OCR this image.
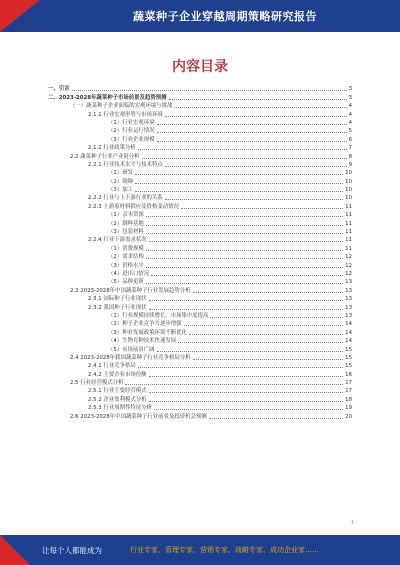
蔬菜种子企业穿越周期策略研究报告
内容目录
一、引言	3
二、2023-2028年蔬菜种子市场前景及趋势预测	3
（一）蔬菜种子企业面临的宏观环境与挑战	4
2.1.1 行业宏观形势与市场环境	4
（1）行业宏观环境	4
（2）行业运行情况	5
（3）行业企业规模	6
2.1.2 行业政策分析	7
2.2 蔬菜种子行业产业链分析	8
2.2.1 行业技术水平与技术特点	9
（1）研发	10
（2）制种	10
（3）加工	10
2.2.2 行业与上下游行业的关系	10
2.2.3 上游原材料供应及价格变动情况	11
（1）亲本资源	11
（2）制种基地	11
（3）包装材料	11
2.2.4 行业下游需求状况	11
（1）消费规模	11
（2）需求结构	12
（3）价格水平	12
（4）进出口情况	12
（5）品种更新	13
2.3 2023-2028年中国蔬菜种子行业发展趋势分析	13
2.3.1 国际种子行业现状	13
2.3.2 我国种子行业现状	13
（1）行业规模持续增长，市场集中度提高	13
（2）种子企业竞争力逐步增强	14
（3）种业发展政策环境不断优化	14
（4）生物育种技术快速发展	14
（5）市场前景广阔	15
2.4 2023-2028年我国蔬菜种子行业竞争格局分析	15
2.4.1 行业竞争格局	15
2.4.2 主要企业市场份额	16
2.5 行业经营模式分析	17
2.5.1 行业主要经营模式	17
2.5.2 企业盈利模式分析	18
2.5.3 行业周期性特征分析	19
2.6 2023-2028年中国蔬菜种子行业前景及投资机会预测	20
1
让每个人都能成为	行业专家、管理专家、营销专家、战略专家、成功企业家……
